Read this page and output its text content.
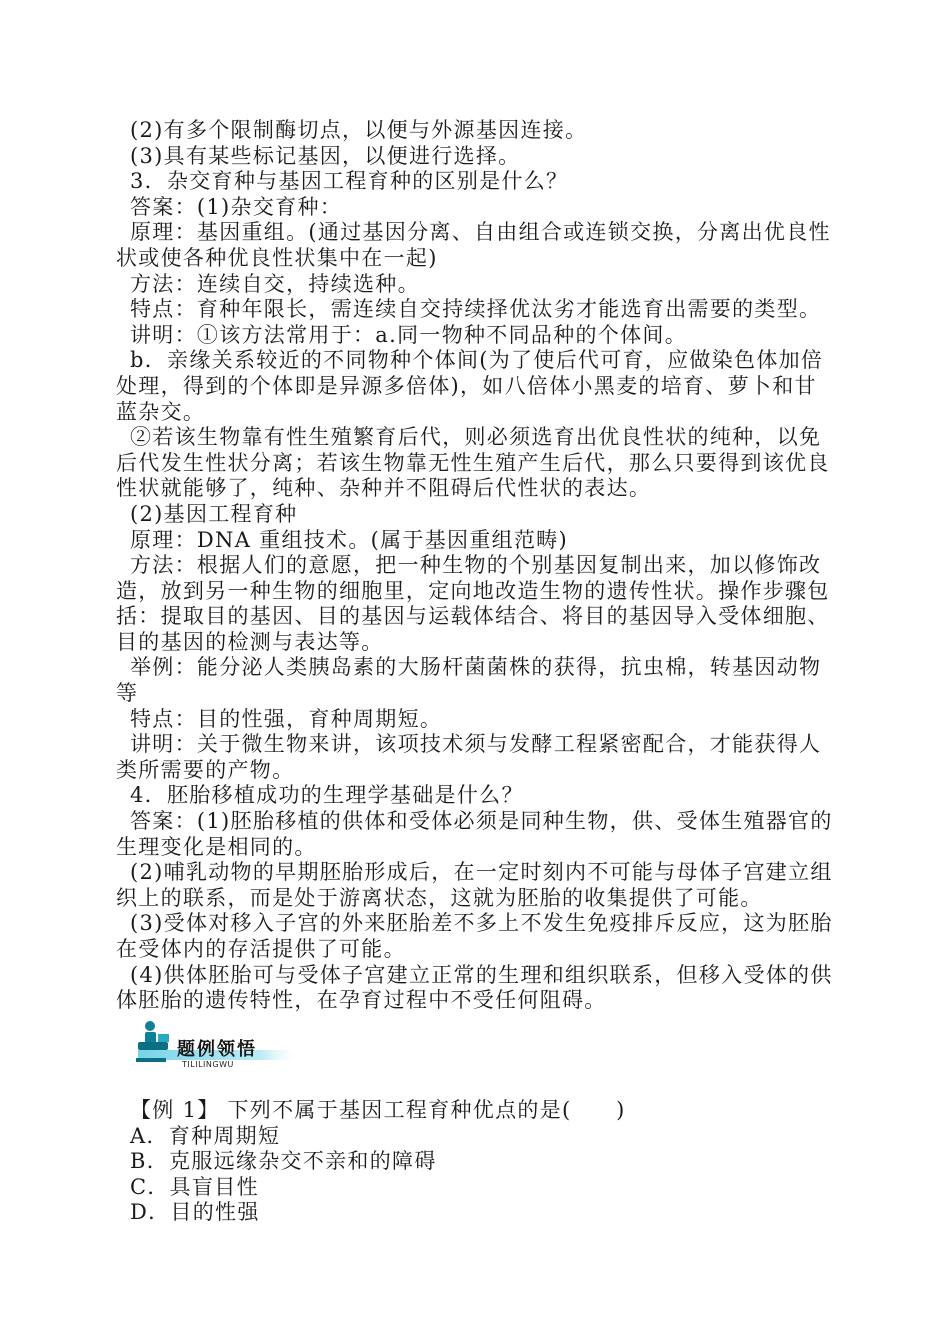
(2)有多个限制酶切点，以便与外源基因连接。

(3)具有某些标记基因，以便进行选择。

3．杂交育种与基因工程育种的区别是什么？

答案：(1)杂交育种：

原理：基因重组。(通过基因分离、自由组合或连锁交换，分离出优良性状或使各种优良性状集中在一起)

方法：连续自交，持续选种。

特点：育种年限长，需连续自交持续择优汰劣才能选育出需要的类型。

讲明：①该方法常用于：a.同一物种不同品种的个体间。

b．亲缘关系较近的不同物种个体间(为了使后代可育，应做染色体加倍处理，得到的个体即是异源多倍体)，如八倍体小黑麦的培育、萝卜和甘蓝杂交。

②若该生物靠有性生殖繁育后代，则必须选育出优良性状的纯种，以免后代发生性状分离；若该生物靠无性生殖产生后代，那么只要得到该优良性状就能够了，纯种、杂种并不阻碍后代性状的表达。

(2)基因工程育种

原理：DNA 重组技术。(属于基因重组范畴)

方法：根据人们的意愿，把一种生物的个别基因复制出来，加以修饰改造，放到另一种生物的细胞里，定向地改造生物的遗传性状。操作步骤包括：提取目的基因、目的基因与运载体结合、将目的基因导入受体细胞、目的基因的检测与表达等。

举例：能分泌人类胰岛素的大肠杆菌菌株的获得，抗虫棉，转基因动物等

特点：目的性强，育种周期短。

讲明：关于微生物来讲，该项技术须与发酵工程紧密配合，才能获得人类所需要的产物。

4．胚胎移植成功的生理学基础是什么？

答案：(1)胚胎移植的供体和受体必须是同种生物，供、受体生殖器官的生理变化是相同的。

(2)哺乳动物的早期胚胎形成后，在一定时刻内不可能与母体子宫建立组织上的联系，而是处于游离状态，这就为胚胎的收集提供了可能。

(3)受体对移入子宫的外来胚胎差不多上不发生免疫排斥反应，这为胚胎在受体内的存活提供了可能。

(4)供体胚胎可与受体子宫建立正常的生理和组织联系，但移入受体的供体胚胎的遗传特性，在孕育过程中不受任何阻碍。

题例领悟
TILILINGWU

【例 1】 下列不属于基因工程育种优点的是(　　)

A．育种周期短

B．克服远缘杂交不亲和的障碍

C．具盲目性

D．目的性强
